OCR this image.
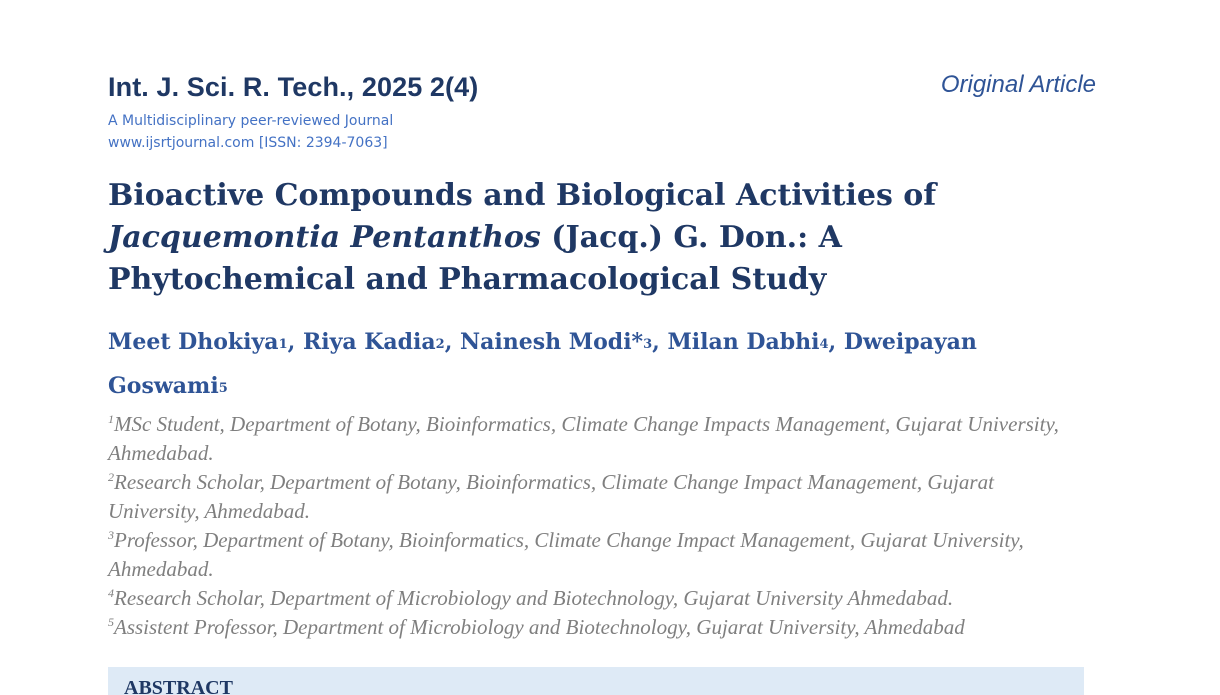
Int. J. Sci. R. Tech., 2025 2(4)
A Multidisciplinary peer-reviewed Journal
www.ijsrtjournal.com [ISSN: 2394-7063]
Original Article
Bioactive Compounds and Biological Activities of
Jacquemontia Pentanthos (Jacq.) G. Don.: A
Phytochemical and Pharmacological Study
Meet Dhokiya$^1$, Riya Kadia$^2$, Nainesh Modi*$^3$, Milan Dabhi$^4$, Dweipayan Goswami$^5$
$^1$MSc Student, Department of Botany, Bioinformatics, Climate Change Impacts Management, Gujarat University, Ahmedabad.
$^2$Research Scholar, Department of Botany, Bioinformatics, Climate Change Impact Management, Gujarat University, Ahmedabad.
$^3$Professor, Department of Botany, Bioinformatics, Climate Change Impact Management, Gujarat University, Ahmedabad.
$^4$Research Scholar, Department of Microbiology and Biotechnology, Gujarat University Ahmedabad.
$^5$Assistent Professor, Department of Microbiology and Biotechnology, Gujarat University, Ahmedabad
ABSTRACT
